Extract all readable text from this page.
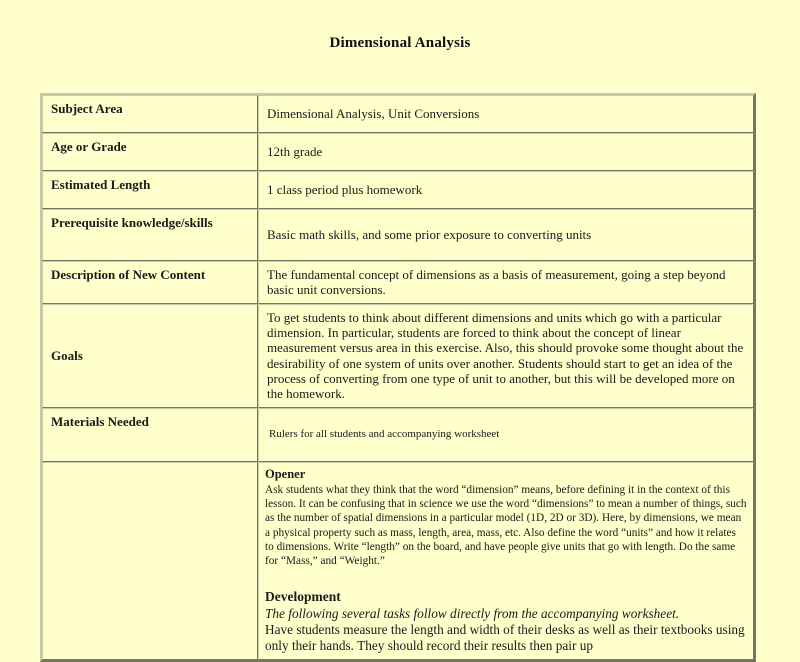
Dimensional Analysis
Subject Area	Dimensional Analysis, Unit Conversions
Age or Grade	12th grade
Estimated Length	1 class period plus homework
Prerequisite knowledge/skills	Basic math skills, and some prior exposure to converting units
Description of New Content	The fundamental concept of dimensions as a basis of measurement, going a step beyond basic unit conversions.
Goals	To get students to think about different dimensions and units which go with a particular dimension. In particular, students are forced to think about the concept of linear measurement versus area in this exercise. Also, this should provoke some thought about the desirability of one system of units over another. Students should start to get an idea of the process of converting from one type of unit to another, but this will be developed more on the homework.
Materials Needed	Rulers for all students and accompanying worksheet

	Opener
Ask students what they think that the word “dimension” means, before defining it in the context of this lesson. It can be confusing that in science we use the word “dimensions” to mean a number of things, such as the number of spatial dimensions in a particular model (1D, 2D or 3D). Here, by dimensions, we mean a physical property such as mass, length, area, mass, etc. Also define the word “units” and how it relates to dimensions. Write “length” on the board, and have people give units that go with length. Do the same for “Mass,” and “Weight.”
Development
The following several tasks follow directly from the accompanying worksheet.
Have students measure the length and width of their desks as well as their textbooks using only their hands. They should record their results then pair up
